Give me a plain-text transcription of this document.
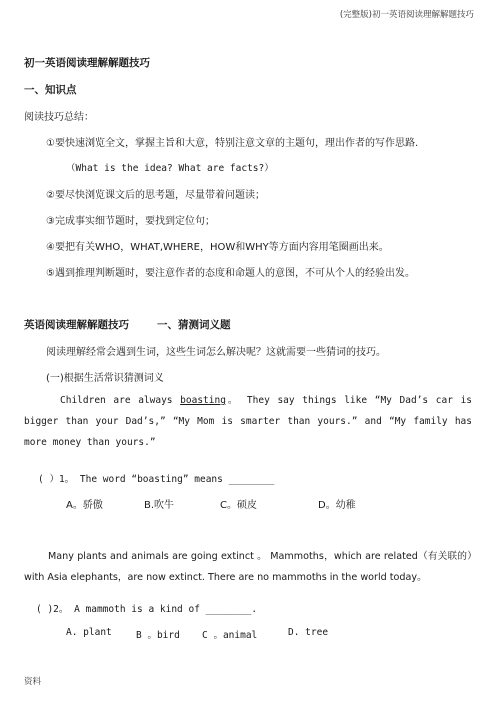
(完整版)初一英语阅读理解解题技巧
初一英语阅读理解解题技巧
一、知识点
阅读技巧总结：
①要快速浏览全文，掌握主旨和大意，特别注意文章的主题句，理出作者的写作思路.
（What is the idea? What are facts?）
②要尽快浏览课文后的思考题，尽量带着问题读；
③完成事实细节题时，要找到定位句；
④要把有关WHO，WHAT,WHERE，HOW和WHY等方面内容用笔圈画出来。
⑤遇到推理判断题时，要注意作者的态度和命题人的意图，不可从个人的经验出发。
英语阅读理解解题技巧	一、猜测词义题
阅读理解经常会遇到生词，这些生词怎么解决呢？这就需要一些猜词的技巧。
(一)根据生活常识猜测词义
Children are always boasting。 They say things like “My Dad’s car is bigger than your Dad’s,” “My Mom is smarter than yours.” and “My family has more money than yours.”
( ）1。 The word “boasting” means ________
A。骄傲	B.吹牛	C。硕皮	D。幼稚
Many plants and animals are going extinct 。 Mammoths，which are related（有关联的）with Asia elephants，are now extinct. There are no mammoths in the world today。
( )2。 A mammoth is a kind of ________.
A. plant	B 。bird C 。animal	D. tree
资料
